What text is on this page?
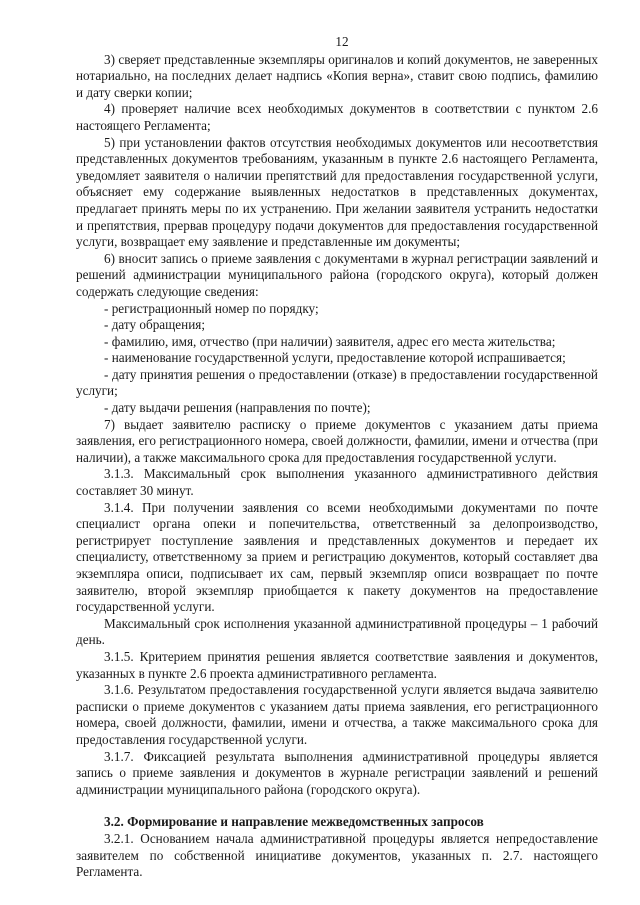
12

3) сверяет представленные экземпляры оригиналов и копий документов, не заверенных нотариально, на последних делает надпись «Копия верна», ставит свою подпись, фамилию и дату сверки копии;

4) проверяет наличие всех необходимых документов в соответствии с пунктом 2.6 настоящего Регламента;

5) при установлении фактов отсутствия необходимых документов или несоответствия представленных документов требованиям, указанным в пункте 2.6 настоящего Регламента, уведомляет заявителя о наличии препятствий для предоставления государственной услуги, объясняет ему содержание выявленных недостатков в представленных документах, предлагает принять меры по их устранению. При желании заявителя устранить недостатки и препятствия, прервав процедуру подачи документов для предоставления государственной услуги, возвращает ему заявление и представленные им документы;

6) вносит запись о приеме заявления с документами в журнал регистрации заявлений и решений администрации муниципального района (городского округа), который должен содержать следующие сведения:

- регистрационный номер по порядку;

- дату обращения;

- фамилию, имя, отчество (при наличии) заявителя, адрес его места жительства;

- наименование государственной услуги, предоставление которой испрашивается;

- дату принятия решения о предоставлении (отказе) в предоставлении государственной услуги;

- дату выдачи решения (направления по почте);

7) выдает заявителю расписку о приеме документов с указанием даты приема заявления, его регистрационного номера, своей должности, фамилии, имени и отчества (при наличии), а также максимального срока для предоставления государственной услуги.

3.1.3. Максимальный срок выполнения указанного административного действия составляет 30 минут.

3.1.4. При получении заявления со всеми необходимыми документами по почте специалист органа опеки и попечительства, ответственный за делопроизводство, регистрирует поступление заявления и представленных документов и передает их специалисту, ответственному за прием и регистрацию документов, который составляет два экземпляра описи, подписывает их сам, первый экземпляр описи возвращает по почте заявителю, второй экземпляр приобщается к пакету документов на предоставление государственной услуги.

Максимальный срок исполнения указанной административной процедуры – 1 рабочий день.

3.1.5. Критерием принятия решения является соответствие заявления и документов, указанных в пункте 2.6 проекта административного регламента.

3.1.6. Результатом предоставления государственной услуги является выдача заявителю расписки о приеме документов с указанием даты приема заявления, его регистрационного номера, своей должности, фамилии, имени и отчества, а также максимального срока для предоставления государственной услуги.

3.1.7. Фиксацией результата выполнения административной процедуры является запись о приеме заявления и документов в журнале регистрации заявлений и решений администрации муниципального района (городского округа).

3.2. Формирование и направление межведомственных запросов

3.2.1. Основанием начала административной процедуры является непредоставление заявителем по собственной инициативе документов, указанных п. 2.7. настоящего Регламента.
